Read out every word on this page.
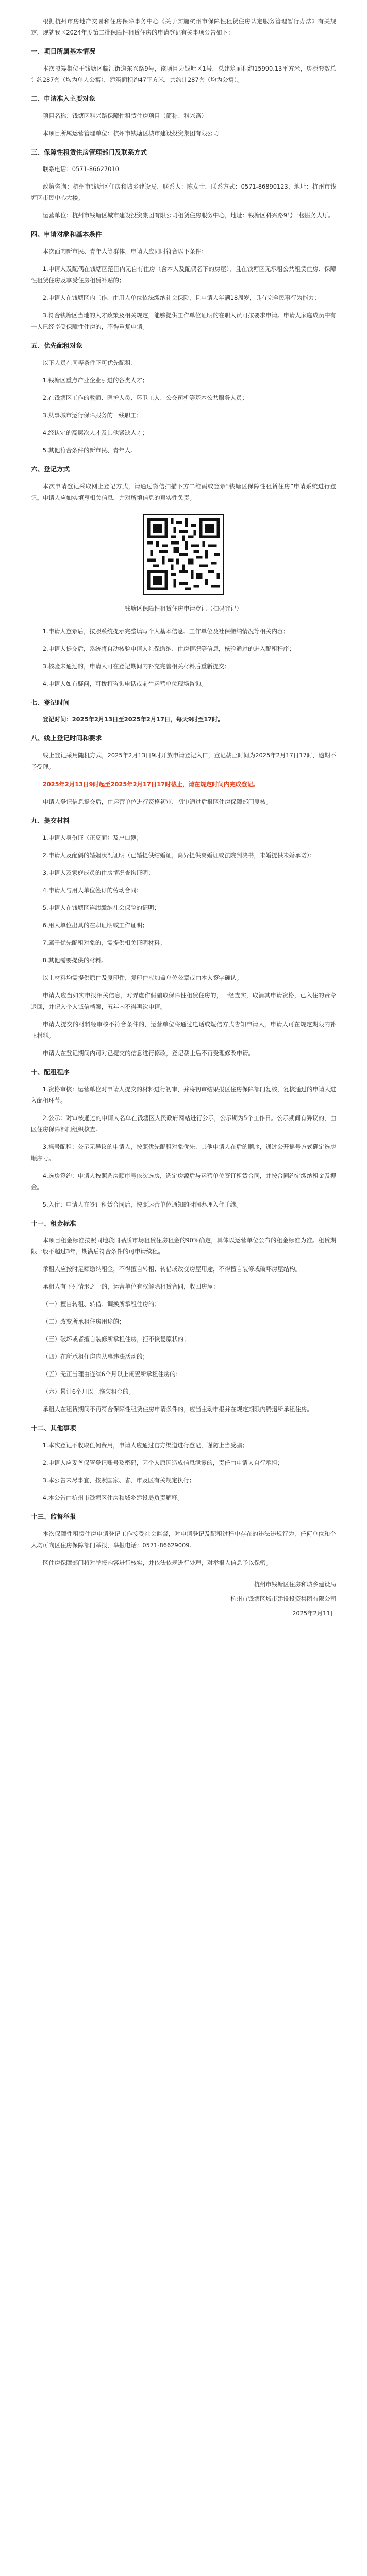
根据杭州市房地产交易和住房保障事务中心《关于实施杭州市保障性租赁住房认定服务管理暂行办法》有关规定，现就我区2024年度第二批保障性租赁住房的申请登记有关事项公告如下：

一、项目所属基本情况

本次拟筹集位于钱塘区临江街道东兴路9号，该项目为钱塘区1号，总建筑面积约15990.13平方米，房源套数总计约287套（均为单人公寓），建筑面积约47平方米，共约计287套（均为公寓）。

二、申请准入主要对象

项目名称：钱塘区科兴路保障性租赁住房项目（简称：科兴路）

本项目所属运营管理单位：杭州市钱塘区城市建设投资集团有限公司

三、保障性租赁住房管理部门及联系方式

联系电话：0571-86627010

政策咨询：杭州市钱塘区住房和城乡建设局，联系人：陈女士，联系方式：0571-86890123，地址：杭州市钱塘区市民中心大楼。

运营单位：杭州市钱塘区城市建设投资集团有限公司租赁住房服务中心，地址：钱塘区科兴路9号一楼服务大厅。

四、申请对象和基本条件

本次面向新市民、青年人等群体，申请人应同时符合以下条件：

1.申请人及配偶在钱塘区范围内无自有住房（含本人及配偶名下的房屋），且在钱塘区无承租公共租赁住房、保障性租赁住房及享受住房租赁补贴的；

2.申请人在钱塘区内工作，由用人单位依法缴纳社会保险，且申请人年满18周岁，具有完全民事行为能力；

3.符合钱塘区当地的人才政策及相关规定，能够提供工作单位证明的在职人员可按要求申请。申请人家庭成员中有一人已经享受保障性住房的，不得重复申请。

五、优先配租对象

以下人员在同等条件下可优先配租：

1.钱塘区重点产业企业引进的各类人才；

2.在钱塘区工作的教师、医护人员、环卫工人、公交司机等基本公共服务人员；

3.从事城市运行保障服务的一线职工；

4.经认定的高层次人才及其他紧缺人才；

5.其他符合条件的新市民、青年人。

六、登记方式

本次申请登记采取网上登记方式，请通过微信扫描下方二维码或登录“钱塘区保障性租赁住房”申请系统进行登记。申请人应如实填写相关信息，并对所填信息的真实性负责。

钱塘区保障性租赁住房申请登记（扫码登记）

1.申请人登录后，按照系统提示完整填写个人基本信息、工作单位及社保缴纳情况等相关内容；

2.申请人提交后，系统将自动核验申请人社保缴纳、住房情况等信息，核验通过的进入配租程序；

3.核验未通过的，申请人可在登记期间内补充完善相关材料后重新提交；

4.申请人如有疑问，可拨打咨询电话或前往运营单位现场咨询。

七、登记时间

登记时间：2025年2月13日至2025年2月17日，每天9时至17时。

八、线上登记时间和要求

线上登记采用随机方式，2025年2月13日9时开放申请登记入口，登记截止时间为2025年2月17日17时，逾期不予受理。

2025年2月13日9时起至2025年2月17日17时截止，请在规定时间内完成登记。

申请人登记信息提交后，由运营单位进行资格初审，初审通过后报区住房保障部门复核。

九、提交材料

1.申请人身份证（正反面）及户口簿；

2.申请人及配偶的婚姻状况证明（已婚提供结婚证，离异提供离婚证或法院判决书，未婚提供未婚承诺）；

3.申请人及家庭成员的住房情况查询证明；

4.申请人与用人单位签订的劳动合同；

5.申请人在钱塘区连续缴纳社会保险的证明；

6.用人单位出具的在职证明或工作证明；

7.属于优先配租对象的，需提供相关证明材料；

8.其他需要提供的材料。

以上材料均需提供原件及复印件，复印件应加盖单位公章或由本人签字确认。

申请人应当如实申报相关信息，对弄虚作假骗取保障性租赁住房的，一经查实，取消其申请资格，已入住的责令退回，并记入个人诚信档案，五年内不得再次申请。

申请人提交的材料经审核不符合条件的，运营单位将通过电话或短信方式告知申请人，申请人可在规定期限内补正材料。

申请人在登记期间内可对已提交的信息进行修改，登记截止后不再受理修改申请。

十、配租程序

1.资格审核：运营单位对申请人提交的材料进行初审，并将初审结果报区住房保障部门复核，复核通过的申请人进入配租环节。

2.公示：对审核通过的申请人名单在钱塘区人民政府网站进行公示，公示期为5个工作日。公示期间有异议的，由区住房保障部门组织核查。

3.摇号配租：公示无异议的申请人，按照优先配租对象优先、其他申请人在后的顺序，通过公开摇号方式确定选房顺序号。

4.选房签约：申请人按照选房顺序号依次选房，选定房源后与运营单位签订租赁合同，并按合同约定缴纳租金及押金。

5.入住：申请人在签订租赁合同后，按照运营单位通知的时间办理入住手续。

十一、租金标准

本项目租金标准按照同地段同品质市场租赁住房租金的90%确定，具体以运营单位公布的租金标准为准。租赁期限一般不超过3年，期满后符合条件的可申请续租。

承租人应按时足额缴纳租金，不得擅自转租、转借或改变房屋用途，不得擅自装修或破坏房屋结构。

承租人有下列情形之一的，运营单位有权解除租赁合同，收回房屋：

（一）擅自转租、转借、调换所承租住房的；

（二）改变所承租住房用途的；

（三）破坏或者擅自装修所承租住房，拒不恢复原状的；

（四）在所承租住房内从事违法活动的；

（五）无正当理由连续6个月以上闲置所承租住房的；

（六）累计6个月以上拖欠租金的。

承租人在租赁期间不再符合保障性租赁住房申请条件的，应当主动申报并在规定期限内腾退所承租住房。

十二、其他事项

1.本次登记不收取任何费用，申请人应通过官方渠道进行登记，谨防上当受骗；

2.申请人应妥善保管登记账号及密码，因个人原因造成信息泄露的，责任由申请人自行承担；

3.本公告未尽事宜，按照国家、省、市及区有关规定执行；

4.本公告由杭州市钱塘区住房和城乡建设局负责解释。

十三、监督举报

本次保障性租赁住房申请登记工作接受社会监督，对申请登记及配租过程中存在的违法违规行为，任何单位和个人均可向区住房保障部门举报，举报电话：0571-86629009。

区住房保障部门将对举报内容进行核实，并依法依规进行处理，对举报人信息予以保密。

杭州市钱塘区住房和城乡建设局

杭州市钱塘区城市建设投资集团有限公司

2025年2月11日
